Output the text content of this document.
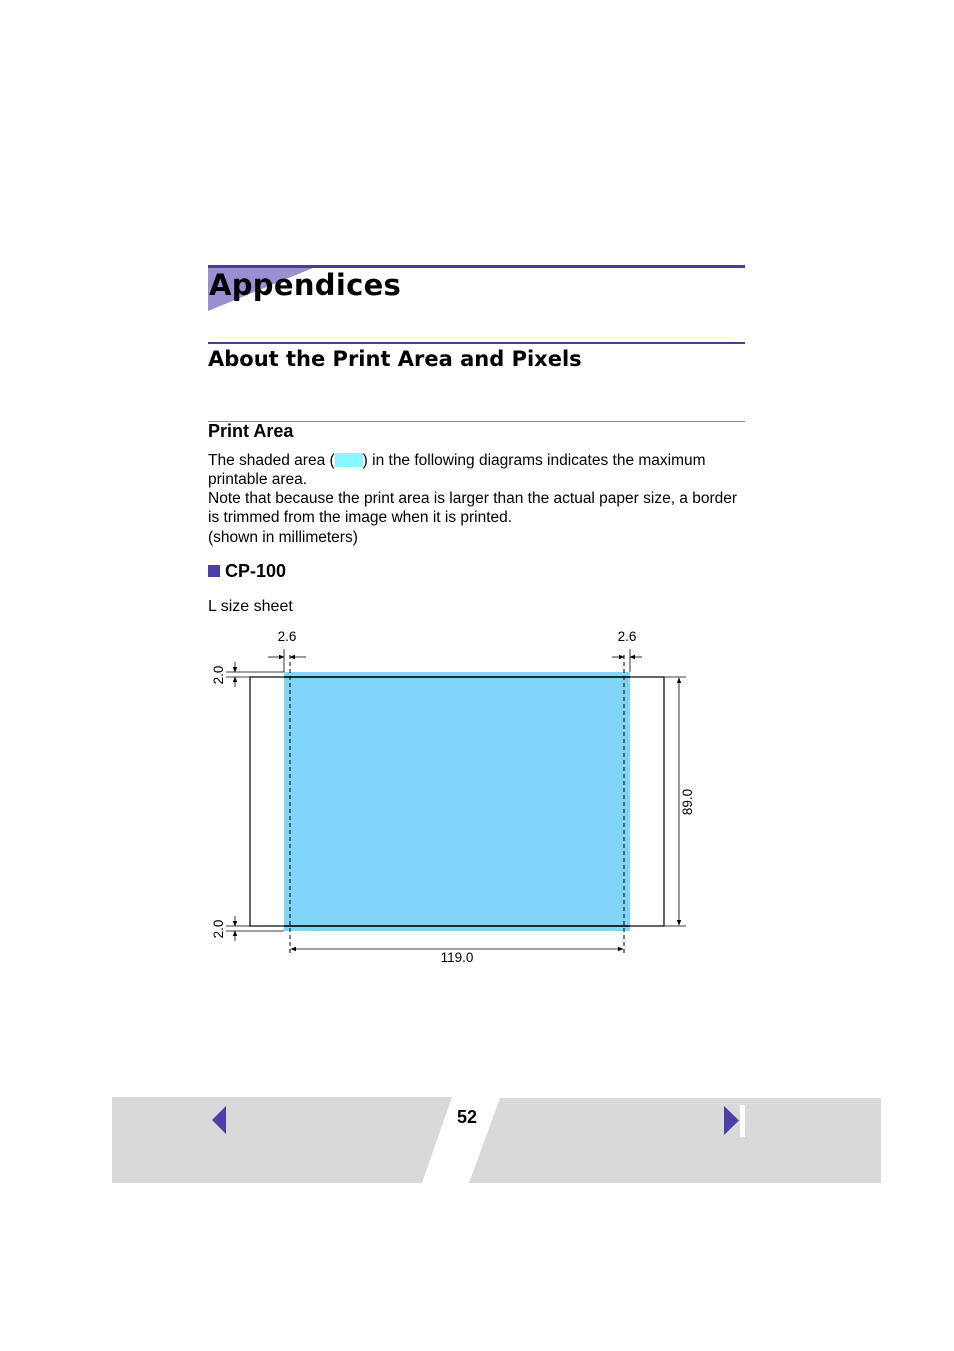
Appendices
About the Print Area and Pixels
Print Area
The shaded area ( ) in the following diagrams indicates the maximum printable area.
Note that because the print area is larger than the actual paper size, a border is trimmed from the image when it is printed.
(shown in millimeters)
CP-100
L size sheet
2.6	2.6
2.0
2.0
89.0
119.0
52
